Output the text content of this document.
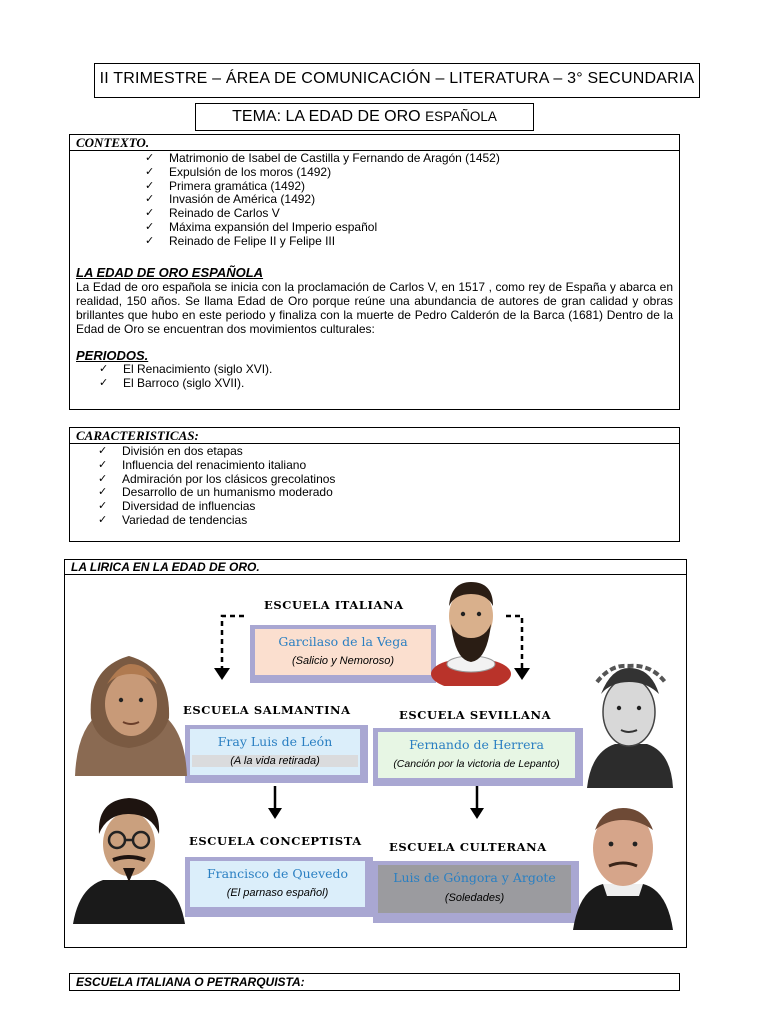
II TRIMESTRE – ÁREA DE COMUNICACIÓN – LITERATURA – 3° SECUNDARIA
TEMA: LA EDAD DE ORO ESPAÑOLA
CONTEXTO.
✓ Matrimonio de Isabel de Castilla y Fernando de Aragón (1452)
✓ Expulsión de los moros (1492)
✓ Primera gramática (1492)
✓ Invasión de América (1492)
✓ Reinado de Carlos V
✓ Máxima expansión del Imperio español
✓ Reinado de Felipe II y Felipe III
LA EDAD DE ORO ESPAÑOLA
La Edad de oro española se inicia con la proclamación de Carlos V, en 1517 , como rey de España y abarca en realidad, 150 años. Se llama Edad de Oro porque reúne una abundancia de autores de gran calidad y obras brillantes que hubo en este periodo y finaliza con la muerte de Pedro Calderón de la Barca (1681) Dentro de la Edad de Oro se encuentran dos movimientos culturales:
PERIODOS.
✓ El Renacimiento (siglo XVI).
✓ El Barroco (siglo XVII).
CARACTERISTICAS:
✓ División en dos etapas
✓ Influencia del renacimiento italiano
✓ Admiración por los clásicos grecolatinos
✓ Desarrollo de un humanismo moderado
✓ Diversidad de influencias
✓ Variedad de tendencias
LA LIRICA EN LA EDAD DE ORO.
ESCUELA ITALIANA
Garcilaso de la Vega
(Salicio y Nemoroso)
ESCUELA SALMANTINA
Fray Luis de León
(A la vida retirada)
ESCUELA SEVILLANA
Fernando de Herrera
(Canción por la victoria de Lepanto)
ESCUELA CONCEPTISTA
Francisco de Quevedo
(El parnaso español)
ESCUELA CULTERANA
Luis de Góngora y Argote
(Soledades)
ESCUELA ITALIANA O PETRARQUISTA:
